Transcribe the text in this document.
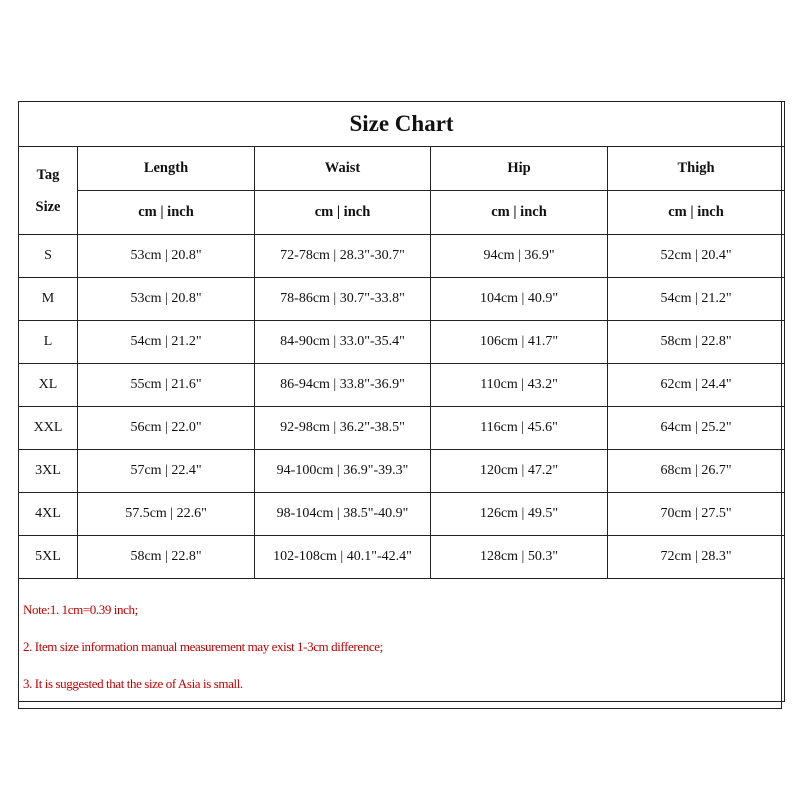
Size Chart				

Tag
Size	Length	Waist	Hip	Thigh
	cm | inch	cm | inch	cm | inch	cm | inch
S	53cm | 20.8"	72-78cm | 28.3"-30.7"	94cm | 36.9"	52cm | 20.4"
M	53cm | 20.8"	78-86cm | 30.7"-33.8"	104cm | 40.9"	54cm | 21.2"
L	54cm | 21.2"	84-90cm | 33.0"-35.4"	106cm | 41.7"	58cm | 22.8"
XL	55cm | 21.6"	86-94cm | 33.8"-36.9"	110cm | 43.2"	62cm | 24.4"
XXL	56cm | 22.0"	92-98cm | 36.2"-38.5"	116cm | 45.6"	64cm | 25.2"
3XL	57cm | 22.4"	94-100cm | 36.9"-39.3"	120cm | 47.2"	68cm | 26.7"
4XL	57.5cm | 22.6"	98-104cm | 38.5"-40.9"	126cm | 49.5"	70cm | 27.5"
5XL	58cm | 22.8"	102-108cm | 40.1"-42.4"	128cm | 50.3"	72cm | 28.3"

Note:1. 1cm=0.39 inch;
2. Item size information manual measurement may exist 1-3cm difference;
3. It is suggested that the size of Asia is small.
